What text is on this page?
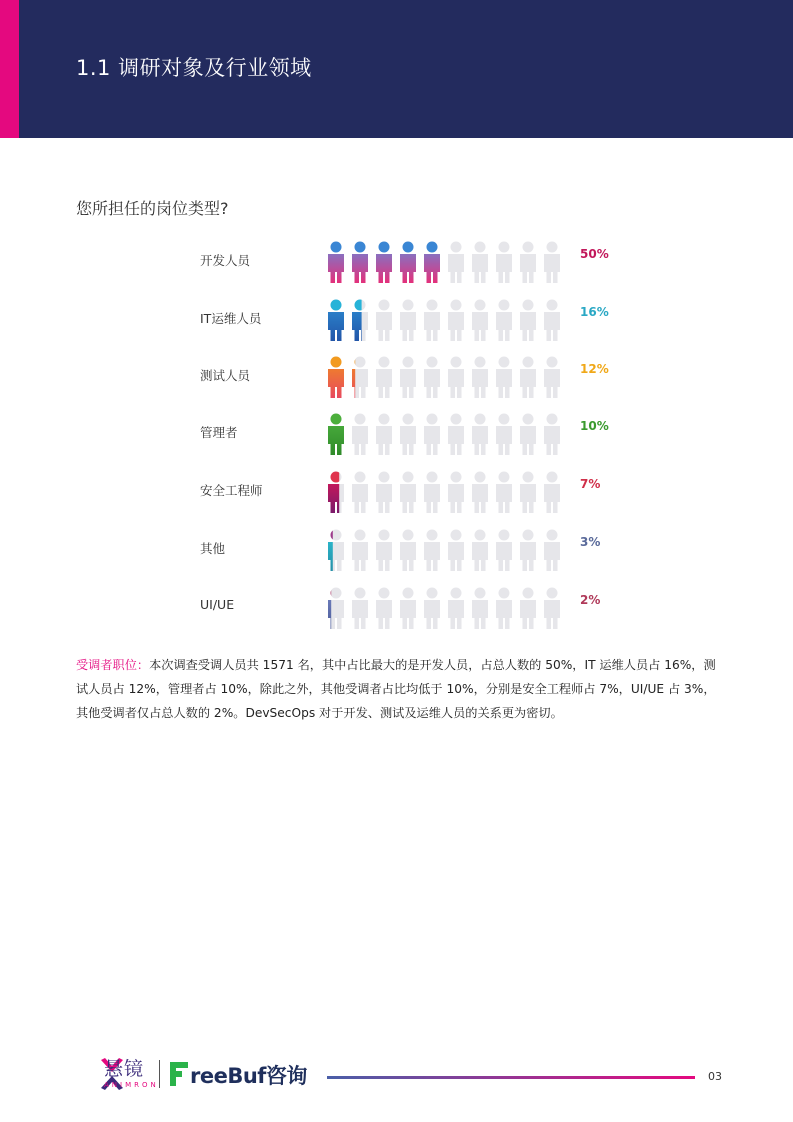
1.1 调研对象及行业领域
您所担任的岗位类型?
开发人员	50%
IT运维人员	16%
测试人员	12%
管理者	10%
安全工程师	7%
其他	3%
UI/UE	2%
受调者职位：本次调查受调人员共 1571 名，其中占比最大的是开发人员，占总人数的 50%，IT 运维人员占 16%，测试人员占 12%，管理者占 10%，除此之外，其他受调者占比均低于 10%，分别是安全工程师占 7%，UI/UE 占 3%，其他受调者仅占总人数的 2%。DevSecOps 对于开发、测试及运维人员的关系更为密切。
悬镜
ANIMRON reeBuf咨询	03
